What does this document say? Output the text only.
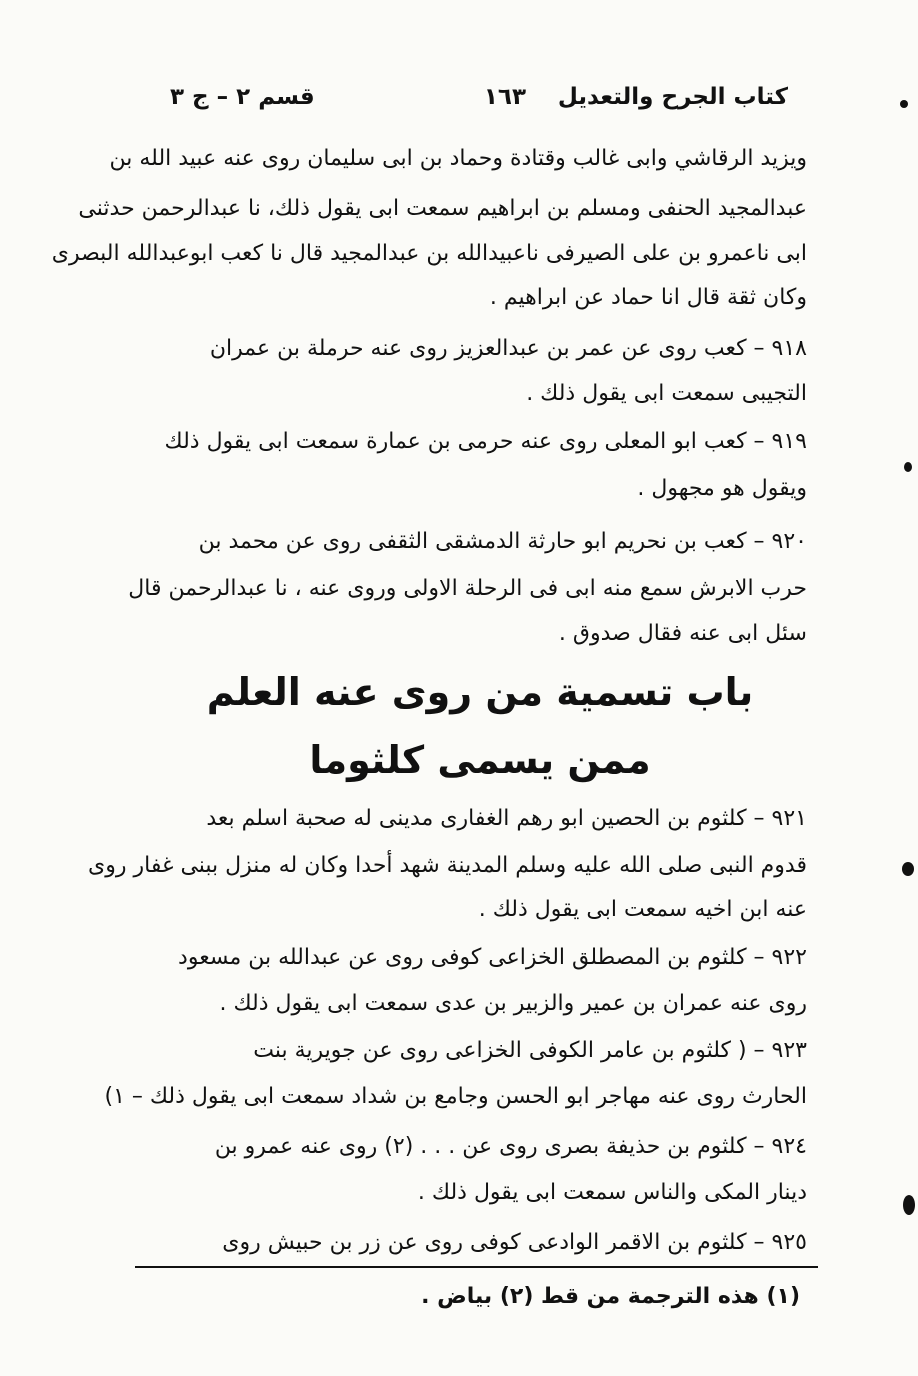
كتاب الجرح والتعديل
١٦٣
قسم ٢ – ج ٣
ويزيد الرقاشي وابى غالب وقتادة وحماد بن ابى سليمان روى عنه عبيد الله بن
عبدالمجيد الحنفى ومسلم بن ابراهيم سمعت ابى يقول ذلك، نا عبدالرحمن حدثنى
ابى ناعمرو بن على الصيرفى ناعبيدالله بن عبدالمجيد قال نا كعب ابوعبدالله البصرى
وكان ثقة قال انا حماد عن ابراهيم .
٩١٨ – كعب روى عن عمر بن عبدالعزيز روى عنه حرملة بن عمران
التجيبى سمعت ابى يقول ذلك .
٩١٩ – كعب ابو المعلى روى عنه حرمى بن عمارة سمعت ابى يقول ذلك
ويقول هو مجهول .
٩٢٠ – كعب بن نحريم ابو حارثة الدمشقى الثقفى روى عن محمد بن
حرب الابرش سمع منه ابى فى الرحلة الاولى وروى عنه ، نا عبدالرحمن قال
سئل ابى عنه فقال صدوق .
باب تسمية من روى عنه العلم
ممن يسمى كلثوما
٩٢١ – كلثوم بن الحصين ابو رهم الغفارى مدينى له صحبة اسلم بعد
قدوم النبى صلى الله عليه وسلم المدينة شهد أحدا وكان له منزل ببنى غفار روى
عنه ابن اخيه سمعت ابى يقول ذلك .
٩٢٢ – كلثوم بن المصطلق الخزاعى كوفى روى عن عبدالله بن مسعود
روى عنه عمران بن عمير والزبير بن عدى سمعت ابى يقول ذلك .
٩٢٣ – ( كلثوم بن عامر الكوفى الخزاعى روى عن جويرية بنت
الحارث روى عنه مهاجر ابو الحسن وجامع بن شداد سمعت ابى يقول ذلك – ١)
٩٢٤ – كلثوم بن حذيفة بصرى روى عن . . . (٢) روى عنه عمرو بن
دينار المكى والناس سمعت ابى يقول ذلك .
٩٢٥ – كلثوم بن الاقمر الوادعى كوفى روى عن زر بن حبيش روى
(١) هذه الترجمة من قط (٢) بياض .
